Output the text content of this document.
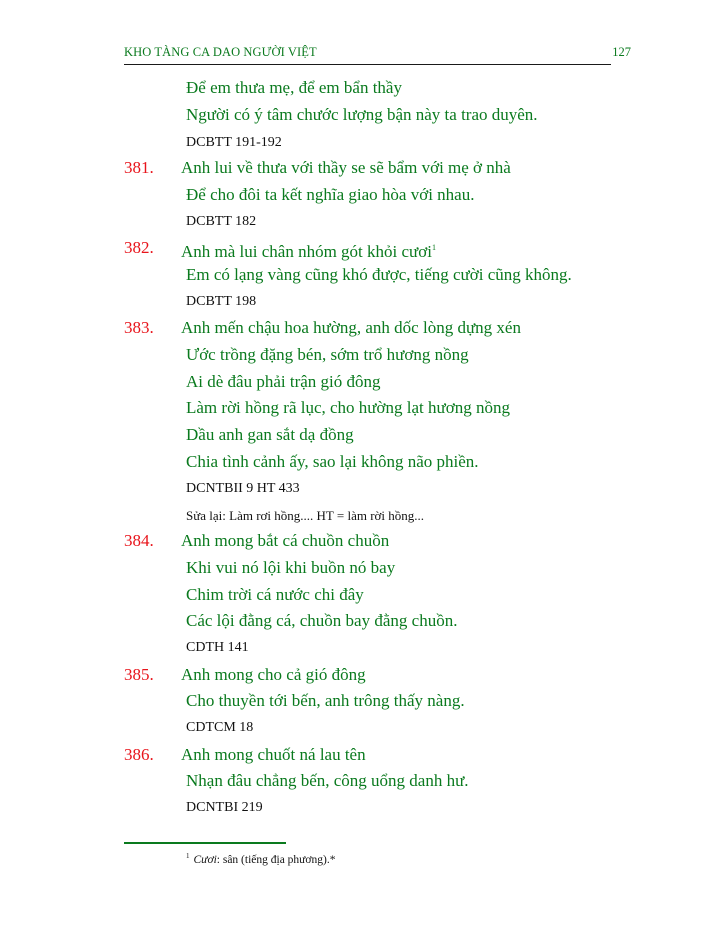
KHO TÀNG CA DAO NGƯỜI VIỆT	127
Để em thưa mẹ, để em bẩn thầy
Người có ý tâm chước lượng bận này ta trao duyên.
DCBTT 191-192
381. Anh lui về thưa với thầy se sẽ bẩm với mẹ ở nhà
Để cho đôi ta kết nghĩa giao hòa với nhau.
DCBTT 182
382. Anh mà lui chân nhóm gót khỏi cươi$^1$
Em có lạng vàng cũng khó được, tiếng cười cũng không.
DCBTT 198
383. Anh mến chậu hoa hường, anh dốc lòng dựng xén
Ước trồng đặng bén, sớm trổ hương nồng
Ai dè đâu phải trận gió đông
Làm rời hồng rã lục, cho hường lạt hương nồng
Dầu anh gan sắt dạ đồng
Chia tình cảnh ấy, sao lại không não phiền.
DCNTBII 9 HT 433
Sửa lại: Làm rơi hồng.... HT = làm rời hồng...
384. Anh mong bắt cá chuồn chuồn
Khi vui nó lội khi buồn nó bay
Chim trời cá nước chi đây
Các lội đằng cá, chuồn bay đằng chuồn.
CDTH 141
385. Anh mong cho cả gió đông
Cho thuyền tới bến, anh trông thấy nàng.
CDTCM 18
386. Anh mong chuốt ná lau tên
Nhạn đâu chẳng bến, công uổng danh hư.
DCNTBI 219
$^1$ Cươi: sân (tiếng địa phương).*
